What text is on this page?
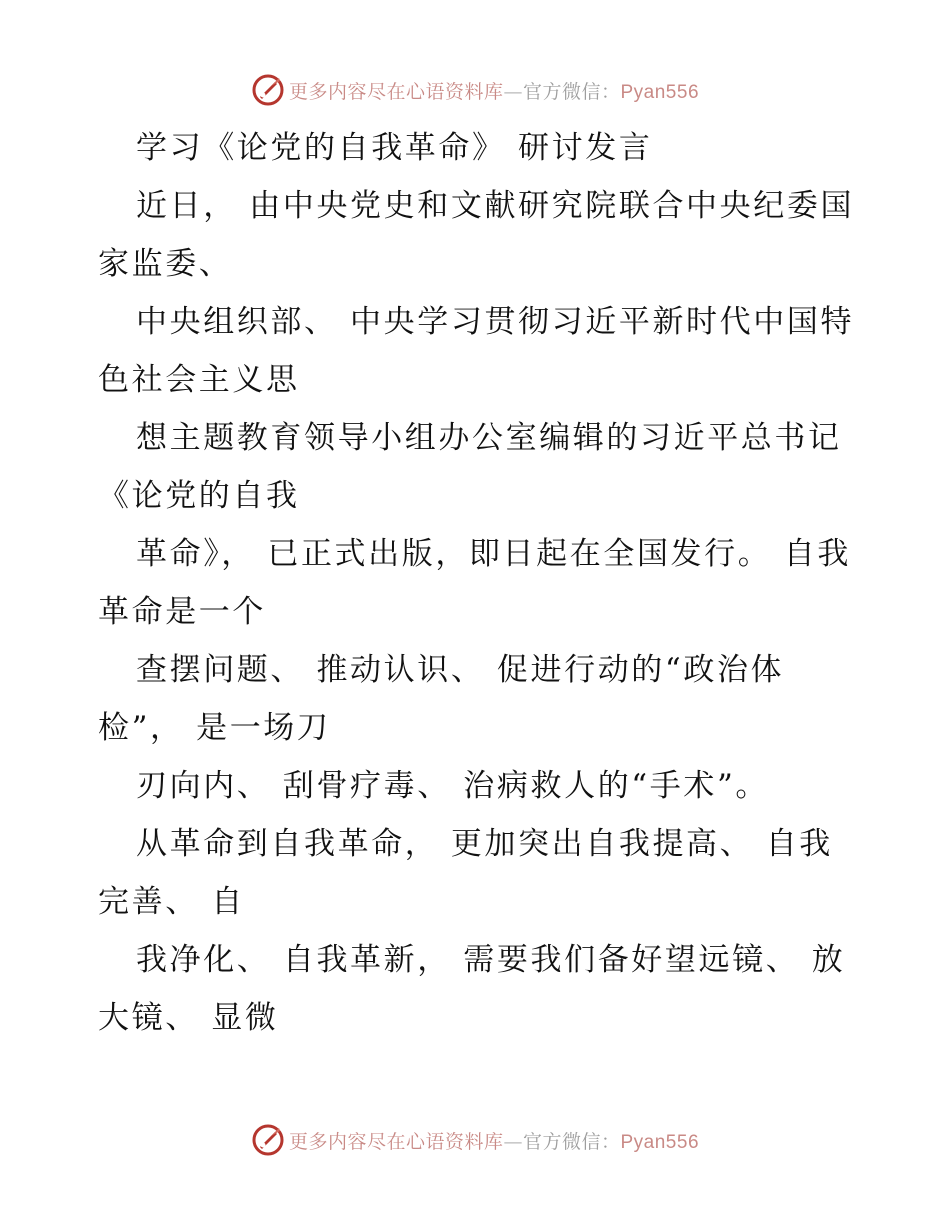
更多内容尽在心语资料库—官方微信：Pyan556

学习《论党的自我革命》 研讨发言

近日， 由中央党史和文献研究院联合中央纪委国家监委、

中央组织部、 中央学习贯彻习近平新时代中国特色社会主义思

想主题教育领导小组办公室编辑的习近平总书记《论党的自我

革命》， 已正式出版，即日起在全国发行。 自我革命是一个

查摆问题、 推动认识、 促进行动的“政治体检”， 是一场刀

刃向内、 刮骨疗毒、 治病救人的“手术”。

从革命到自我革命， 更加突出自我提高、 自我完善、 自

我净化、 自我革新， 需要我们备好望远镜、 放大镜、 显微

更多内容尽在心语资料库—官方微信：Pyan556
